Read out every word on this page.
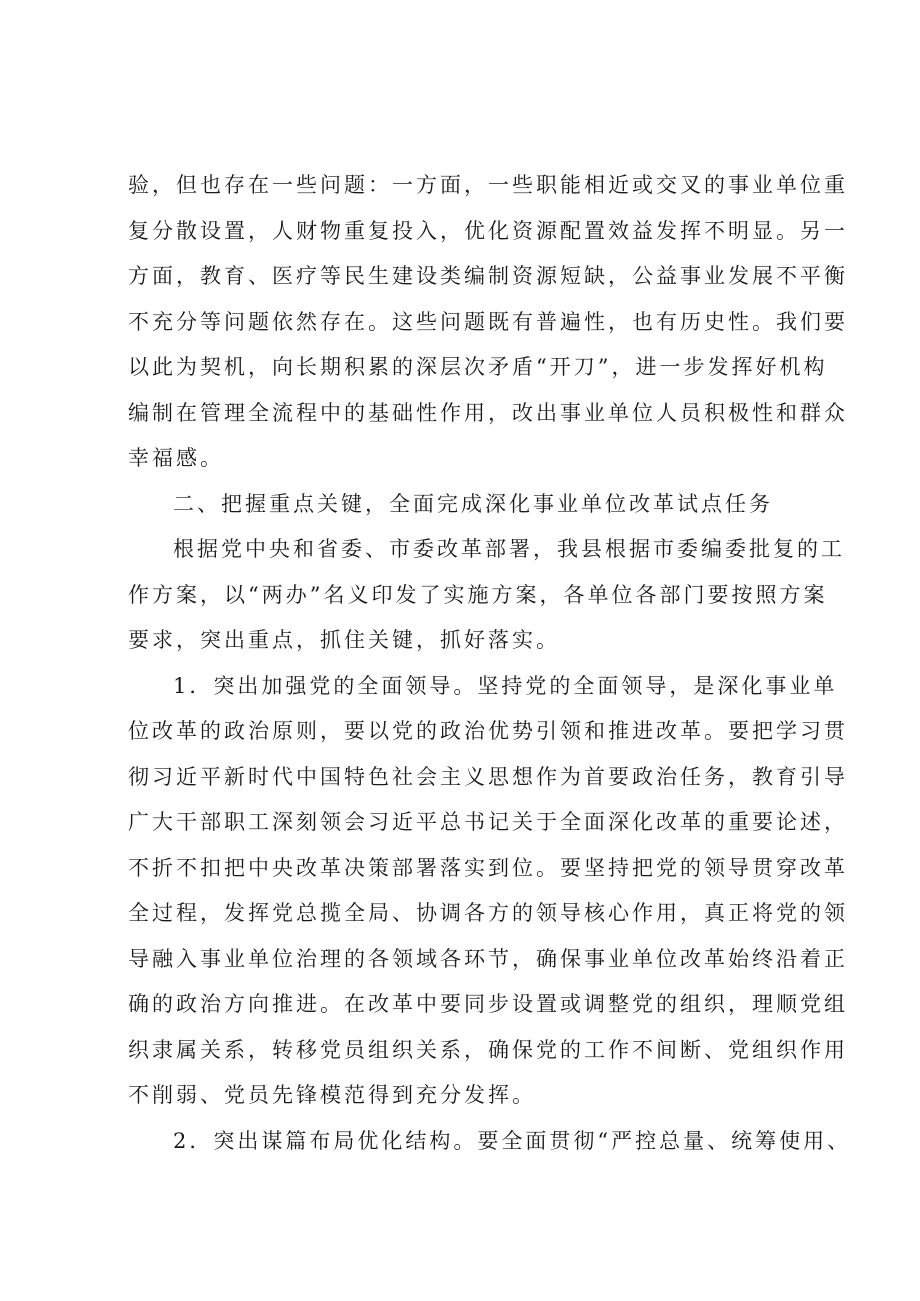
验，但也存在一些问题：一方面，一些职能相近或交叉的事业单位重
复分散设置，人财物重复投入，优化资源配置效益发挥不明显。另一
方面，教育、医疗等民生建设类编制资源短缺，公益事业发展不平衡
不充分等问题依然存在。这些问题既有普遍性，也有历史性。我们要
以此为契机，向长期积累的深层次矛盾“开刀”，进一步发挥好机构
编制在管理全流程中的基础性作用，改出事业单位人员积极性和群众
幸福感。
二、把握重点关键，全面完成深化事业单位改革试点任务
根据党中央和省委、市委改革部署，我县根据市委编委批复的工
作方案，以“两办”名义印发了实施方案，各单位各部门要按照方案
要求，突出重点，抓住关键，抓好落实。
1．突出加强党的全面领导。坚持党的全面领导，是深化事业单
位改革的政治原则，要以党的政治优势引领和推进改革。要把学习贯
彻习近平新时代中国特色社会主义思想作为首要政治任务，教育引导
广大干部职工深刻领会习近平总书记关于全面深化改革的重要论述，
不折不扣把中央改革决策部署落实到位。要坚持把党的领导贯穿改革
全过程，发挥党总揽全局、协调各方的领导核心作用，真正将党的领
导融入事业单位治理的各领域各环节，确保事业单位改革始终沿着正
确的政治方向推进。在改革中要同步设置或调整党的组织，理顺党组
织隶属关系，转移党员组织关系，确保党的工作不间断、党组织作用
不削弱、党员先锋模范得到充分发挥。
2．突出谋篇布局优化结构。要全面贯彻“严控总量、统筹使用、
